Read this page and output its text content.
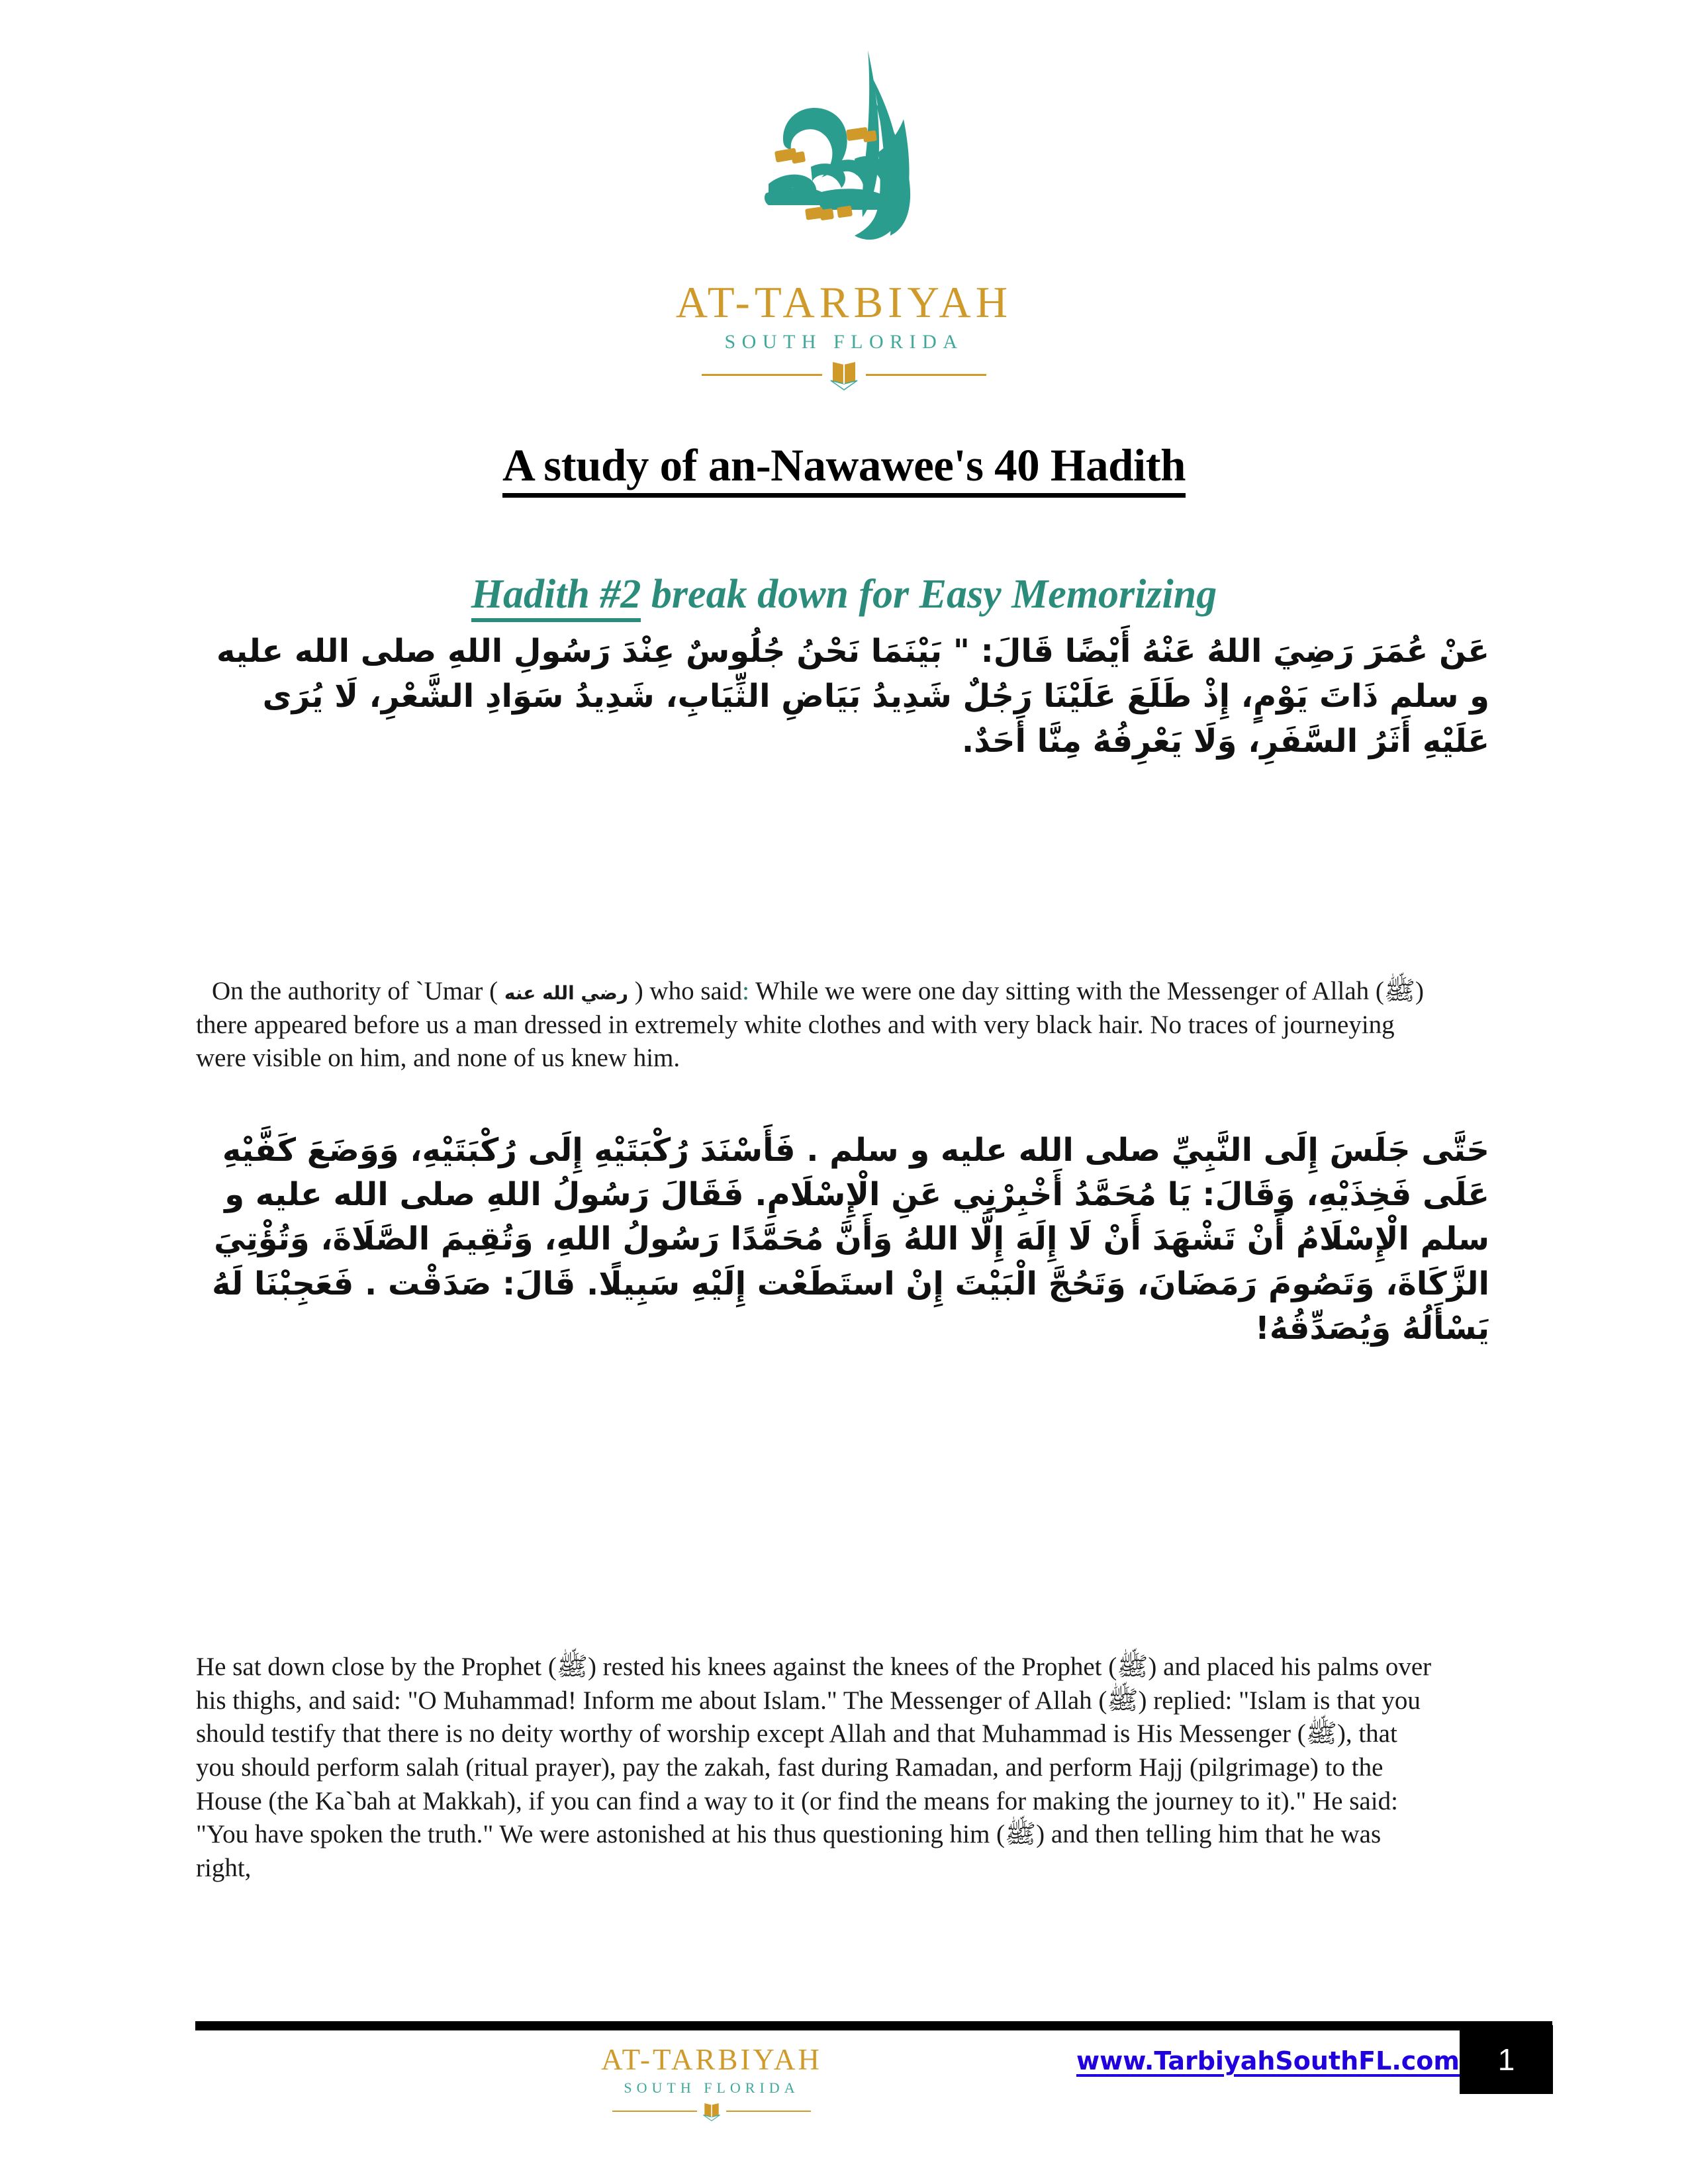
AT-TARBIYAH
SOUTH FLORIDA
A study of an-Nawawee's 40 Hadith
Hadith #2 break down for Easy Memorizing
عَنْ عُمَرَ رَضِيَ اللهُ عَنْهُ أَيْضًا قَالَ: " بَيْنَمَا نَحْنُ جُلُوسٌ عِنْدَ رَسُولِ اللهِ صلى الله عليه و سلم ذَاتَ يَوْمٍ، إِذْ طَلَعَ عَلَيْنَا رَجُلٌ شَدِيدُ بَيَاضِ الثِّيَابِ، شَدِيدُ سَوَادِ الشَّعْرِ، لَا يُرَى عَلَيْهِ أَثَرُ السَّفَرِ، وَلَا يَعْرِفُهُ مِنَّا أَحَدٌ.

On the authority of `Umar ( رضي الله عنه ) who said: While we were one day sitting with the Messenger of Allah (ﷺ) there appeared before us a man dressed in extremely white clothes and with very black hair. No traces of journeying were visible on him, and none of us knew him.

حَتَّى جَلَسَ إِلَى النَّبِيِّ صلى الله عليه و سلم . فَأَسْنَدَ رُكْبَتَيْهِ إِلَى رُكْبَتَيْهِ، وَوَضَعَ كَفَّيْهِ عَلَى فَخِذَيْهِ، وَقَالَ: يَا مُحَمَّدُ أَخْبِرْنِي عَنِ الْإِسْلَامِ. فَقَالَ رَسُولُ اللهِ صلى الله عليه و سلم الْإِسْلَامُ أَنْ تَشْهَدَ أَنْ لَا إِلَهَ إِلَّا اللهُ وَأَنَّ مُحَمَّدًا رَسُولُ اللهِ، وَتُقِيمَ الصَّلَاةَ، وَتُؤْتِيَ الزَّكَاةَ، وَتَصُومَ رَمَضَانَ، وَتَحُجَّ الْبَيْتَ إِنْ استَطَعْت إِلَيْهِ سَبِيلًا. قَالَ: صَدَقْت . فَعَجِبْنَا لَهُ يَسْأَلُهُ وَيُصَدِّقُهُ!

He sat down close by the Prophet (ﷺ) rested his knees against the knees of the Prophet (ﷺ) and placed his palms over his thighs, and said: "O Muhammad! Inform me about Islam." The Messenger of Allah (ﷺ) replied: "Islam is that you should testify that there is no deity worthy of worship except Allah and that Muhammad is His Messenger (ﷺ), that you should perform salah (ritual prayer), pay the zakah, fast during Ramadan, and perform Hajj (pilgrimage) to the House (the Ka`bah at Makkah), if you can find a way to it (or find the means for making the journey to it)." He said: "You have spoken the truth." We were astonished at his thus questioning him (ﷺ) and then telling him that he was right,

AT-TARBIYAH
SOUTH FLORIDA
www.TarbiyahSouthFL.com 1
